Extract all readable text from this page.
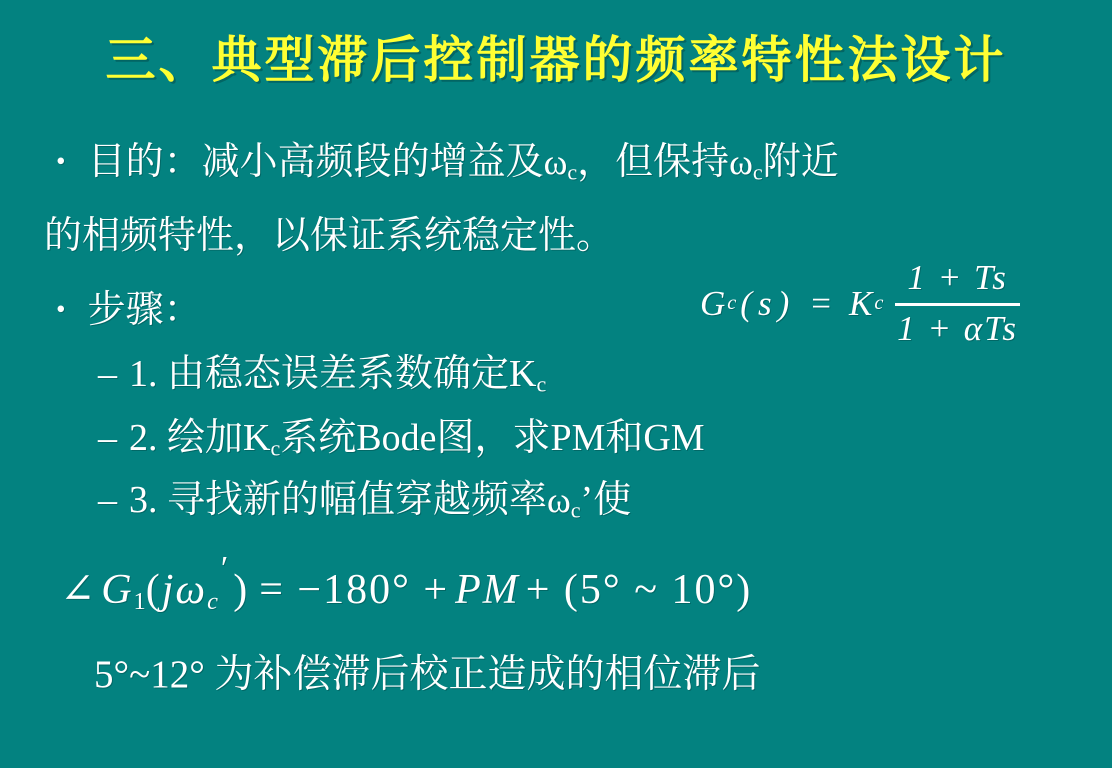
三、典型滞后控制器的频率特性法设计
• 目的：减小高频段的增益及$\omega_c$，但保持$\omega_c$附近
的相频特性，以保证系统稳定性。
• 步骤：	G c (s) = K c $\frac{1 + Ts}{\text{1 + αTs}}$
– 1. 由稳态误差系数确定$K_c$
– 2. 绘加$K_c$系统Bode图，求PM和GM
– 3. 寻找新的幅值穿越频率$\omega_c$’使
$\angle G_1(j\omega_c') = -180^\circ$ + PM + (5° ~ 10°)
5°~12° 为补偿滞后校正造成的相位滞后
